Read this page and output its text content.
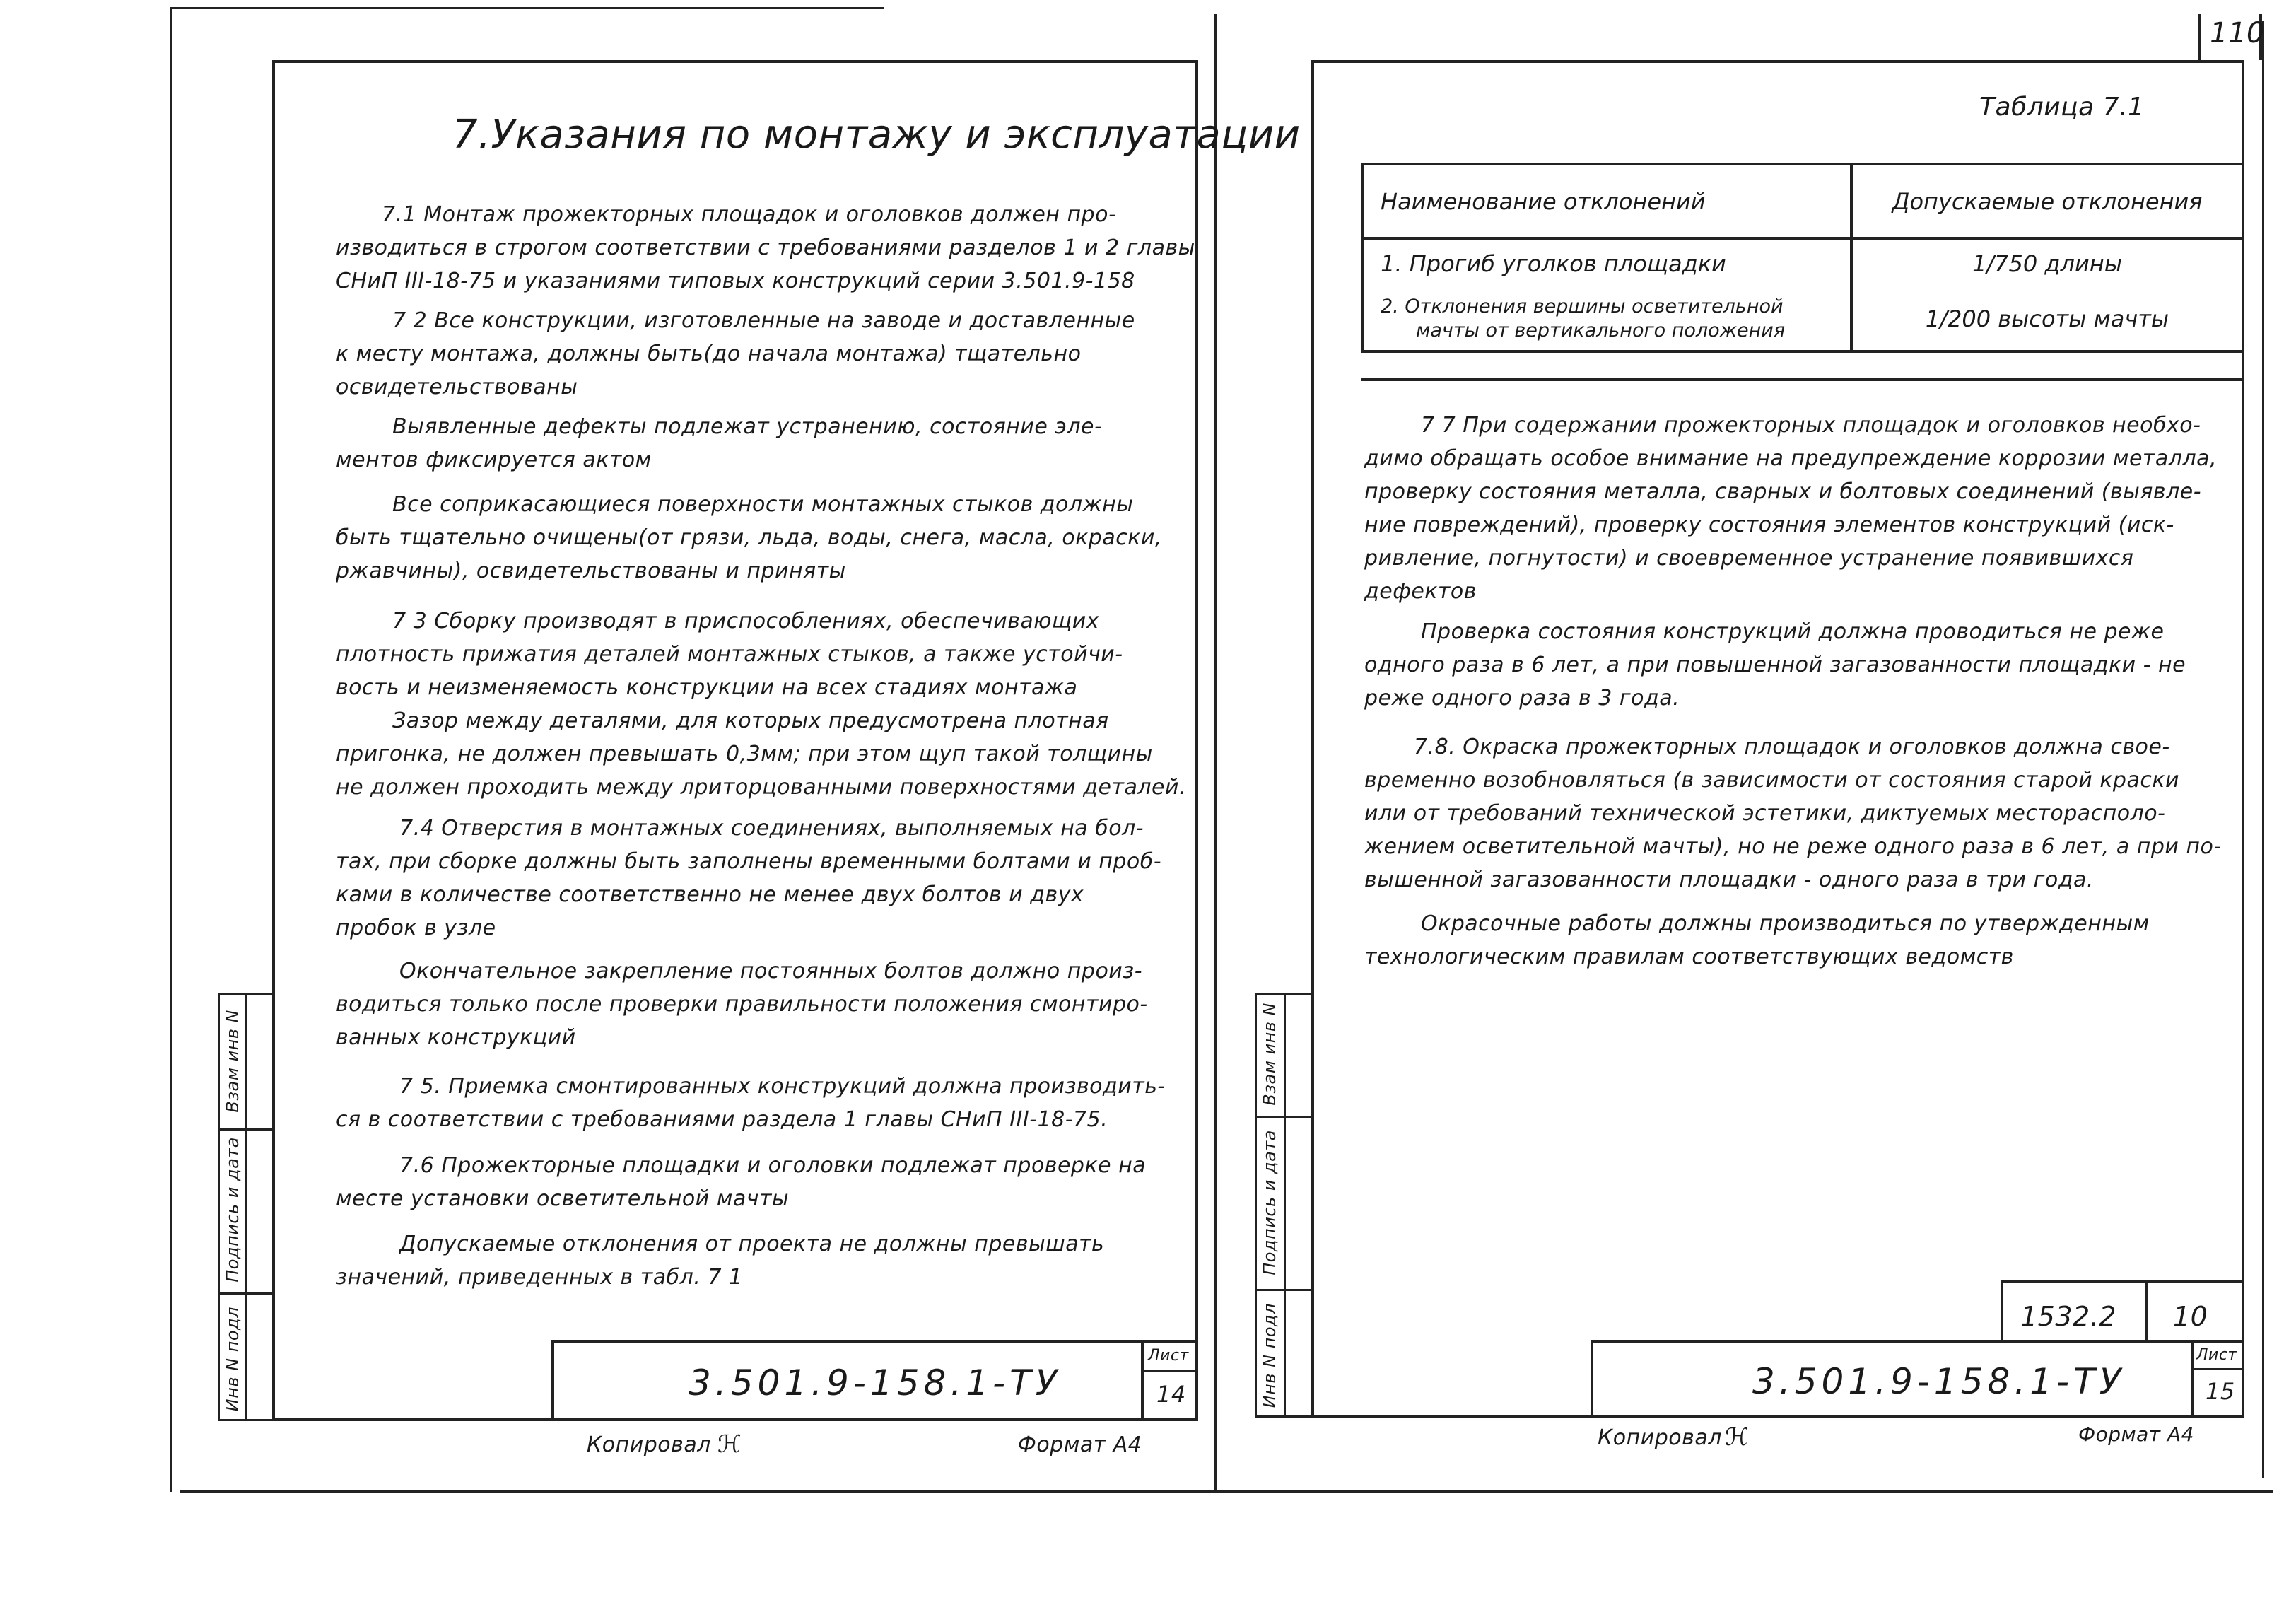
Инв N подл
Подпись и дата
Взам инв N
7.Указания по монтажу и эксплуатации
7.1 Монтаж прожекторных площадок и оголовков должен про-
изводиться в строгом соответствии с требованиями разделов 1 и 2 главы
СНиП III-18-75 и указаниями типовых конструкций серии 3.501.9-158
7 2 Все конструкции, изготовленные на заводе и доставленные
к месту монтажа, должны быть(до начала монтажа) тщательно
освидетельствованы
Выявленные дефекты подлежат устранению, состояние эле-
ментов фиксируется актом
Все соприкасающиеся поверхности монтажных стыков должны
быть тщательно очищены(от грязи, льда, воды, снега, масла, окраски,
ржавчины), освидетельствованы и приняты
7 3 Сборку производят в приспособлениях, обеспечивающих
плотность прижатия деталей монтажных стыков, а также устойчи-
вость и неизменяемость конструкции на всех стадиях монтажа
Зазор между деталями, для которых предусмотрена плотная
пригонка, не должен превышать 0,3мм; при этом щуп такой толщины
не должен проходить между лриторцованными поверхностями деталей.
7.4 Отверстия в монтажных соединениях, выполняемых на бол-
тах, при сборке должны быть заполнены временными болтами и проб-
ками в количестве соответственно не менее двух болтов и двух
пробок в узле
Окончательное закрепление постоянных болтов должно произ-
водиться только после проверки правильности положения смонтиро-
ванных конструкций
7 5. Приемка смонтированных конструкций должна производить-
ся в соответствии с требованиями раздела 1 главы СНиП III-18-75.
7.6 Прожекторные площадки и оголовки подлежат проверке на
месте установки осветительной мачты
Допускаемые отклонения от проекта не должны превышать
значений, приведенных в табл. 7 1
3.501.9-158.1-ТУ
Лист
14
Копировал ℋ	Формат А4
110
Инв N подл
Подпись и дата
Взам инв N
Таблица 7.1
Наименование отклонений	Допускаемые отклонения
1. Прогиб уголков площадки	1/750 длины

2. Отклонения вершины осветительной
мачты от вертикального положения	1/200 высоты мачты
7 7 При содержании прожекторных площадок и оголовков необхо-
димо обращать особое внимание на предупреждение коррозии металла,
проверку состояния металла, сварных и болтовых соединений (выявле-
ние повреждений), проверку состояния элементов конструкций (иск-
ривление, погнутости) и своевременное устранение появившихся
дефектов
Проверка состояния конструкций должна проводиться не реже
одного раза в 6 лет, а при повышенной загазованности площадки - не
реже одного раза в 3 года.
7.8. Окраска прожекторных площадок и оголовков должна свое-
временно возобновляться (в зависимости от состояния старой краски
или от требований технической эстетики, диктуемых месторасполо-
жением осветительной мачты), но не реже одного раза в 6 лет, а при по-
вышенной загазованности площадки - одного раза в три года.
Окрасочные работы должны производиться по утвержденным
технологическим правилам соответствующих ведомств
1532.2 10
3.501.9-158.1-ТУ
Лист
15
Копировал ℋ	Формат А4
